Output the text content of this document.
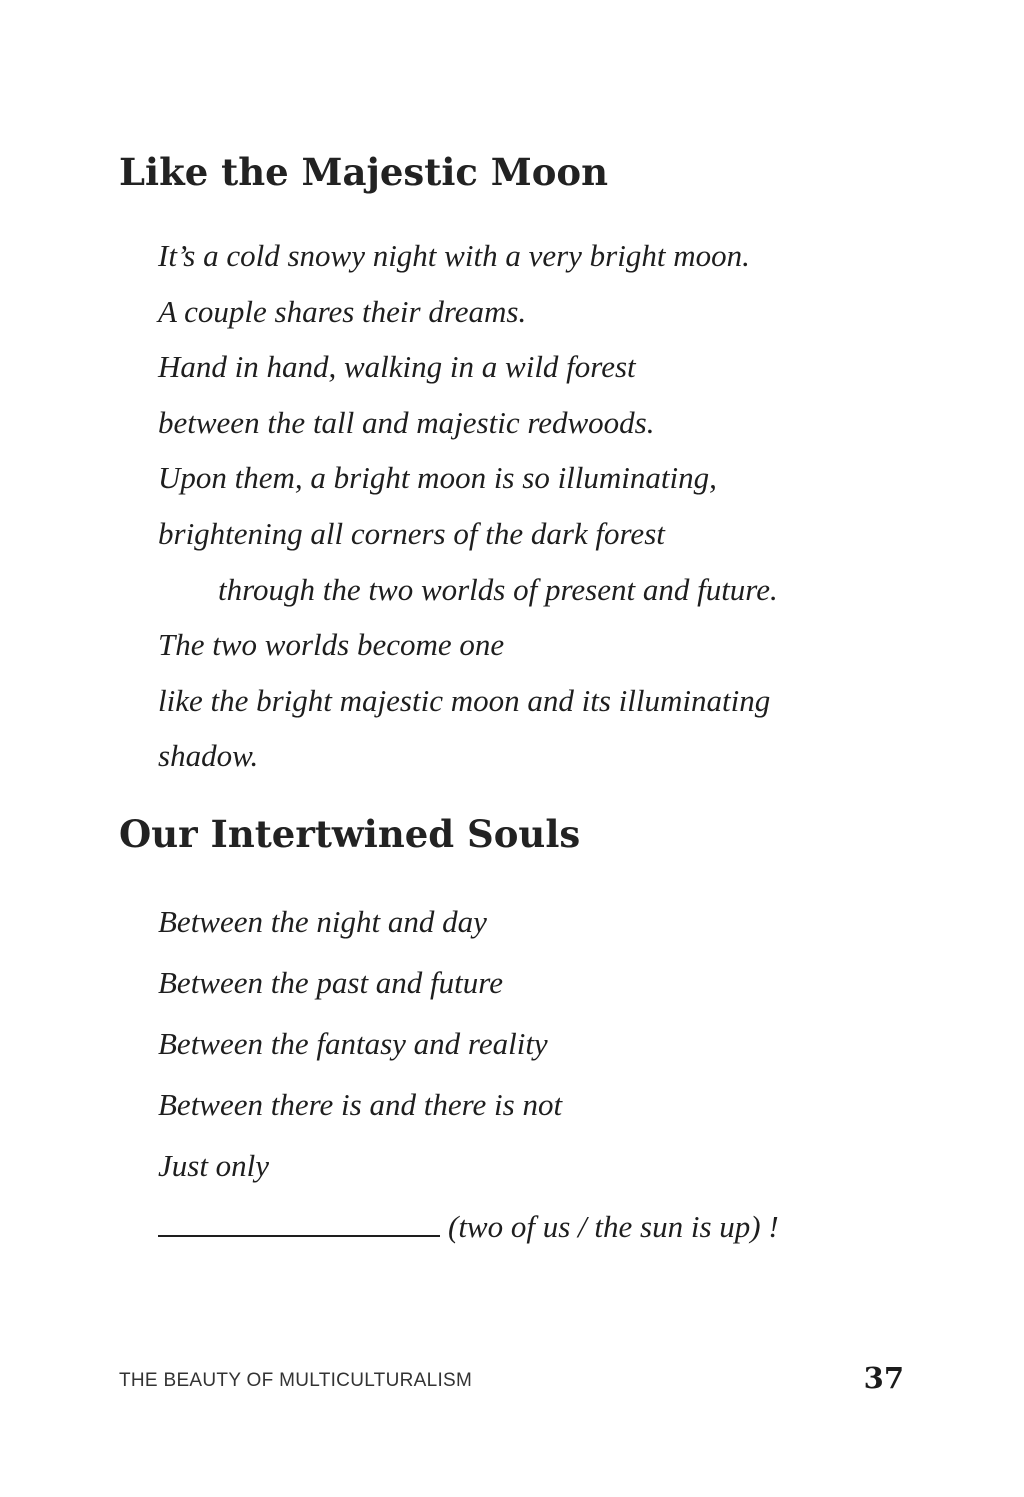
Like the Majestic Moon
It’s a cold snowy night with a very bright moon.
A couple shares their dreams.
Hand in hand, walking in a wild forest
between the tall and majestic redwoods.
Upon them, a bright moon is so illuminating,
brightening all corners of the dark forest
through the two worlds of present and future.
The two worlds become one
like the bright majestic moon and its illuminating
shadow.
Our Intertwined Souls
Between the night and day
Between the past and future
Between the fantasy and reality
Between there is and there is not
Just only
(two of us / the sun is up) !
THE BEAUTY OF MULTICULTURALISM	37
